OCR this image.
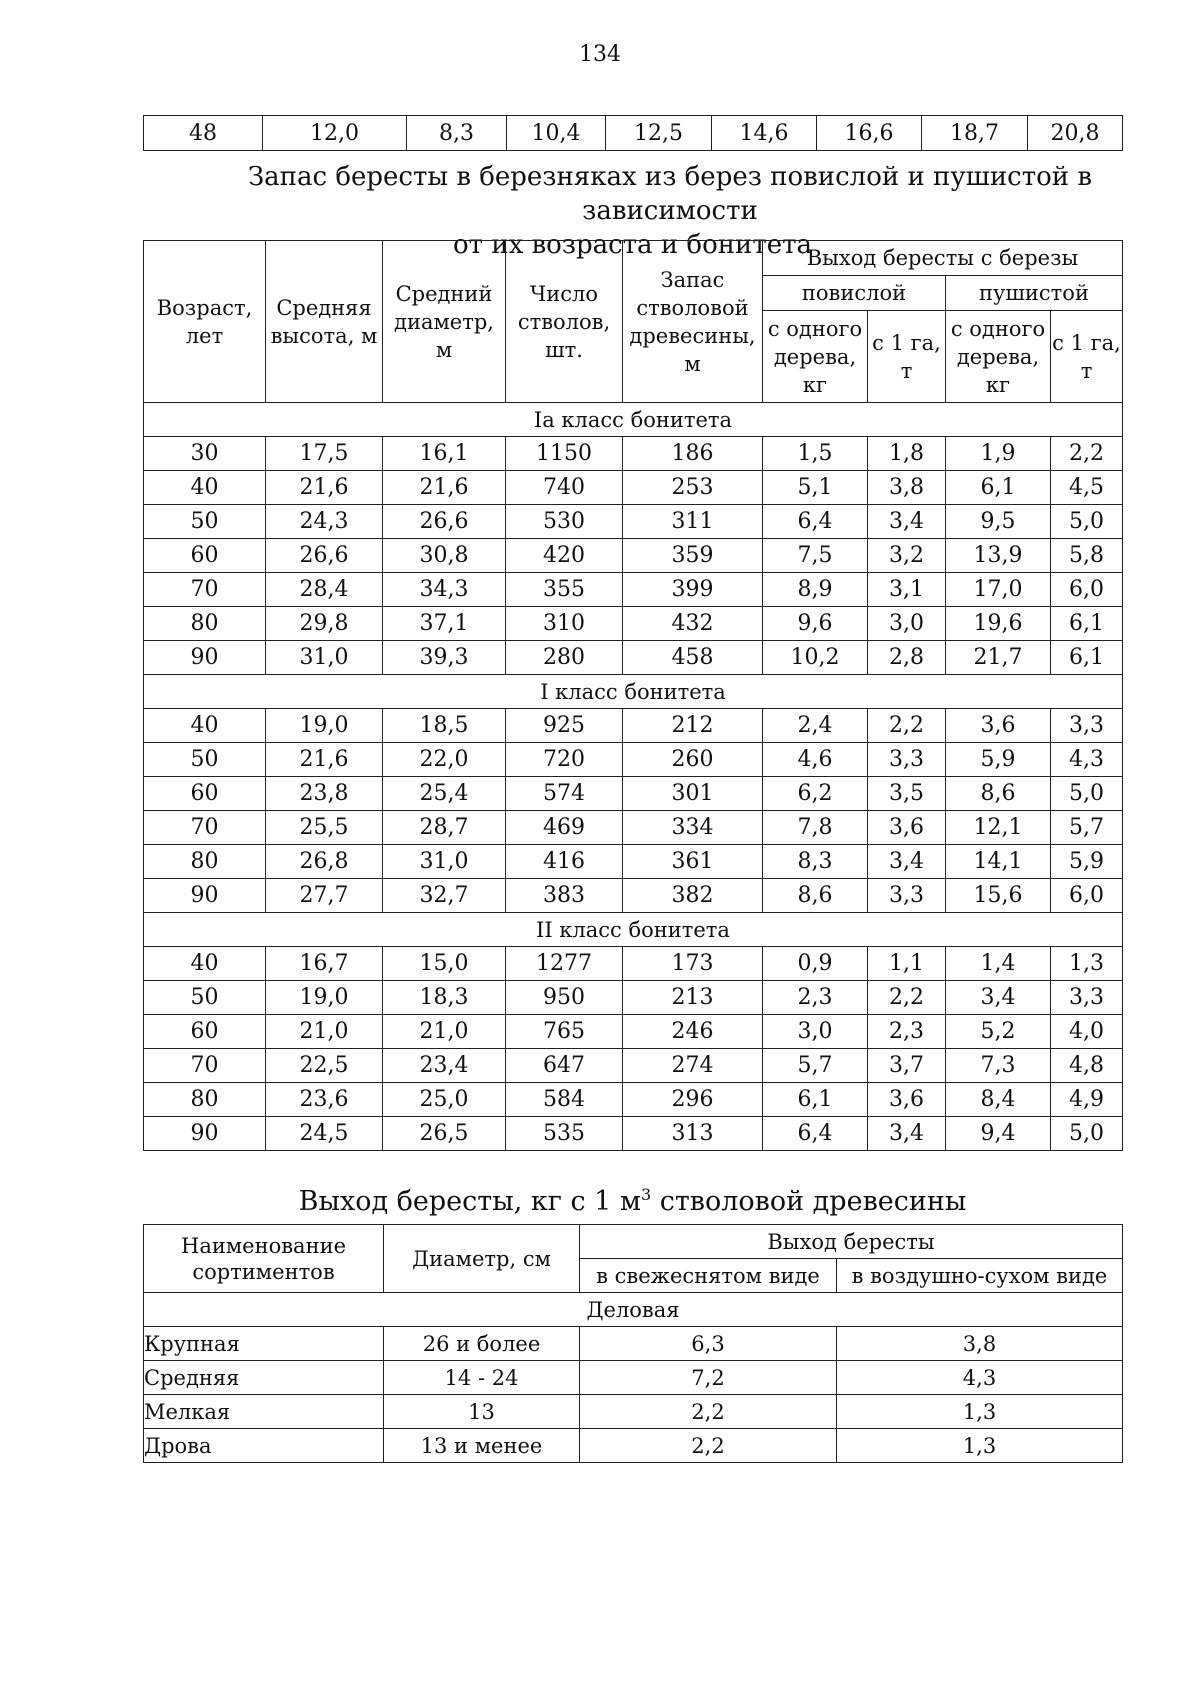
134
48	12,0	8,3	10,4	12,5	14,6	16,6	18,7	20,8
Запас бересты в березняках из берез повислой и пушистой в зависимости
от их возраста и бонитета
Возраст, лет	Средняя высота, м	Средний диаметр, м	Число стволов, шт.	Запас стволовой древесины, м	Выход бересты с березы			
					повислой		пушистой	
					с одного дерева, кг	с 1 га, т	с одного дерева, кг	с 1 га, т
Ia класс бонитета								
30	17,5	16,1	1150	186	1,5	1,8	1,9	2,2
40	21,6	21,6	740	253	5,1	3,8	6,1	4,5
50	24,3	26,6	530	311	6,4	3,4	9,5	5,0
60	26,6	30,8	420	359	7,5	3,2	13,9	5,8
70	28,4	34,3	355	399	8,9	3,1	17,0	6,0
80	29,8	37,1	310	432	9,6	3,0	19,6	6,1
90	31,0	39,3	280	458	10,2	2,8	21,7	6,1
I класс бонитета								
40	19,0	18,5	925	212	2,4	2,2	3,6	3,3
50	21,6	22,0	720	260	4,6	3,3	5,9	4,3
60	23,8	25,4	574	301	6,2	3,5	8,6	5,0
70	25,5	28,7	469	334	7,8	3,6	12,1	5,7
80	26,8	31,0	416	361	8,3	3,4	14,1	5,9
90	27,7	32,7	383	382	8,6	3,3	15,6	6,0
II класс бонитета								
40	16,7	15,0	1277	173	0,9	1,1	1,4	1,3
50	19,0	18,3	950	213	2,3	2,2	3,4	3,3
60	21,0	21,0	765	246	3,0	2,3	5,2	4,0
70	22,5	23,4	647	274	5,7	3,7	7,3	4,8
80	23,6	25,0	584	296	6,1	3,6	8,4	4,9
90	24,5	26,5	535	313	6,4	3,4	9,4	5,0
Выход бересты, кг с 1 $м^3$ стволовой древесины
Наименование сортиментов	Диаметр, см	Выход бересты	
		в свежеснятом виде	в воздушно-сухом виде
Деловая			
Крупная	26 и более	6,3	3,8
Средняя	14 - 24	7,2	4,3
Мелкая	13	2,2	1,3
Дрова	13 и менее	2,2	1,3
